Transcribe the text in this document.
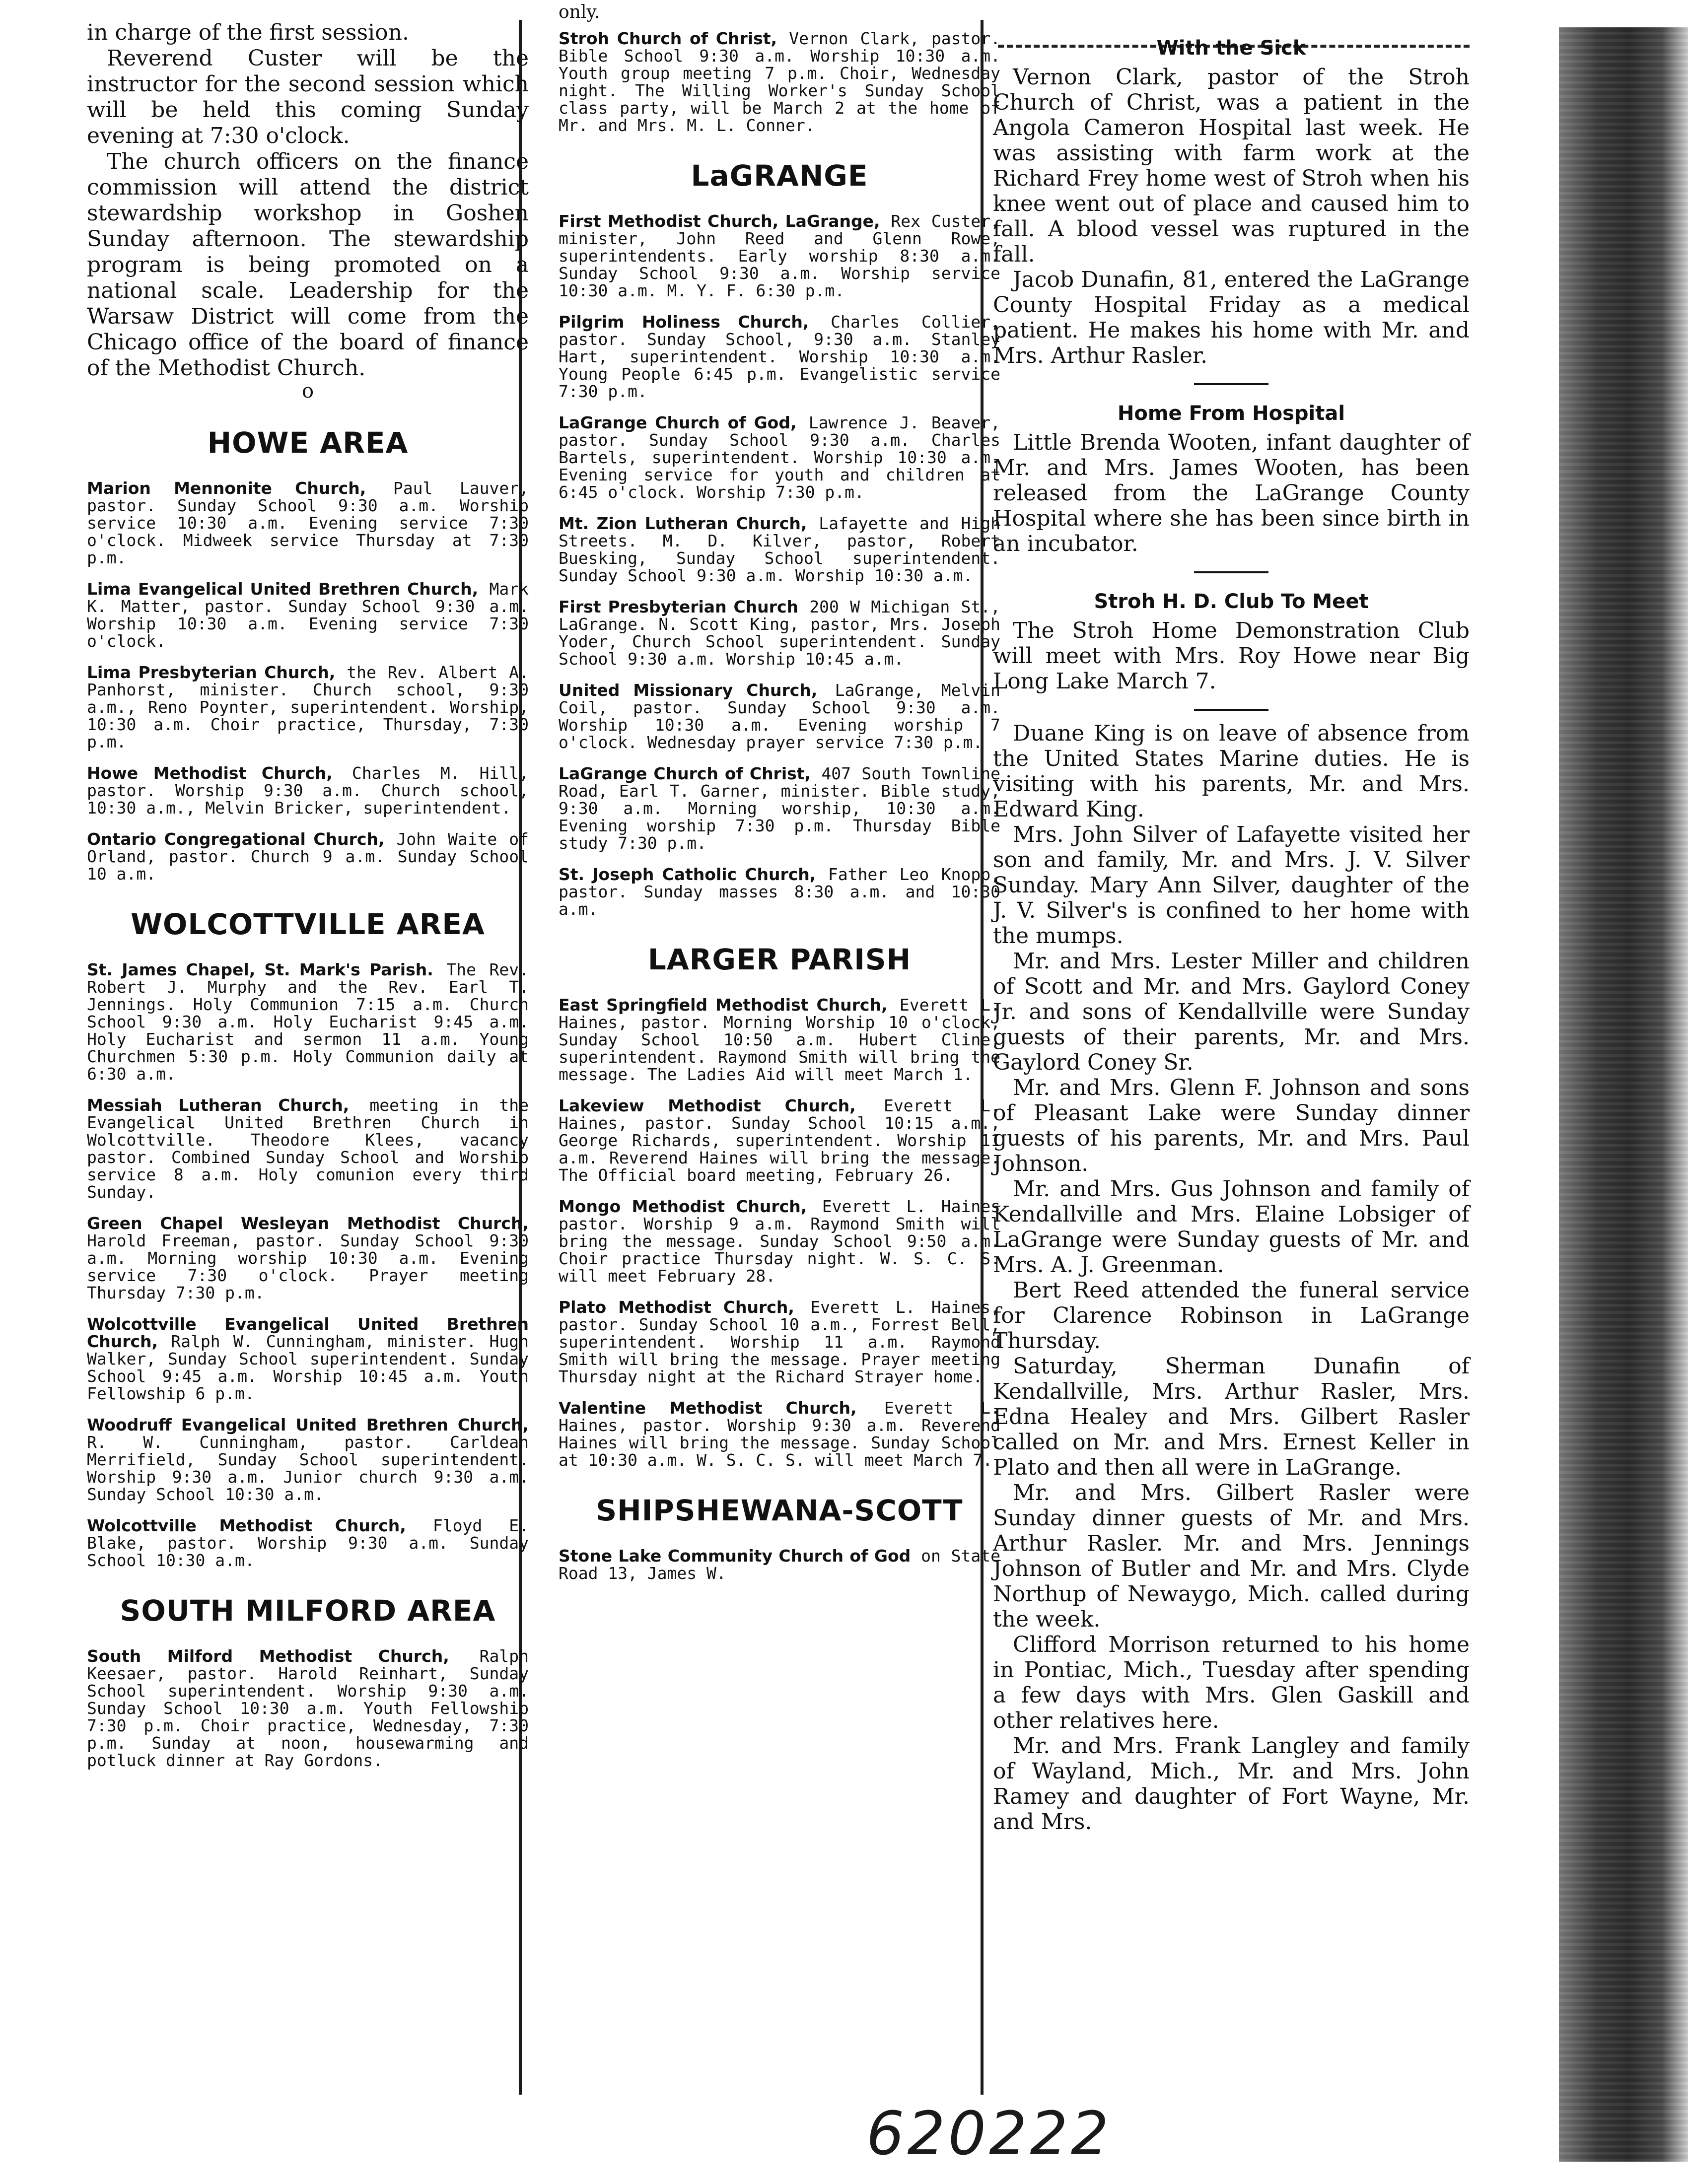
in charge of the first session.

Reverend Custer will be the instructor for the second session which will be held this coming Sunday evening at 7:30 o'clock.

The church officers on the finance commission will attend the district stewardship workshop in Goshen Sunday afternoon. The stewardship program is being promoted on a national scale. Leadership for the Warsaw District will come from the Chicago office of the board of finance of the Methodist Church.

o
HOWE AREA

Marion Mennonite Church, Paul Lauver, pastor. Sunday School 9:30 a.m. Worship service 10:30 a.m. Evening service 7:30 o'clock. Midweek service Thursday at 7:30 p.m.

Lima Evangelical United Brethren Church, Mark K. Matter, pastor. Sunday School 9:30 a.m. Worship 10:30 a.m. Evening service 7:30 o'clock.

Lima Presbyterian Church, the Rev. Albert A. Panhorst, minister. Church school, 9:30 a.m., Reno Poynter, superintendent. Worship, 10:30 a.m. Choir practice, Thursday, 7:30 p.m.

Howe Methodist Church, Charles M. Hill, pastor. Worship 9:30 a.m. Church school, 10:30 a.m., Melvin Bricker, superintendent.

Ontario Congregational Church, John Waite of Orland, pastor. Church 9 a.m. Sunday School 10 a.m.

WOLCOTTVILLE AREA

St. James Chapel, St. Mark's Parish. The Rev. Robert J. Murphy and the Rev. Earl T. Jennings. Holy Communion 7:15 a.m. Church School 9:30 a.m. Holy Eucharist 9:45 a.m. Holy Eucharist and sermon 11 a.m. Young Churchmen 5:30 p.m. Holy Communion daily at 6:30 a.m.

Messiah Lutheran Church, meeting in the Evangelical United Brethren Church in Wolcottville. Theodore Klees, vacancy pastor. Combined Sunday School and Worship service 8 a.m. Holy comunion every third Sunday.

Green Chapel Wesleyan Methodist Church, Harold Freeman, pastor. Sunday School 9:30 a.m. Morning worship 10:30 a.m. Evening service 7:30 o'clock. Prayer meeting Thursday 7:30 p.m.

Wolcottville Evangelical United Brethren Church, Ralph W. Cunningham, minister. Hugh Walker, Sunday School superintendent. Sunday School 9:45 a.m. Worship 10:45 a.m. Youth Fellowship 6 p.m.

Woodruff Evangelical United Brethren Church, R. W. Cunningham, pastor. Carldean Merrifield, Sunday School superintendent. Worship 9:30 a.m. Junior church 9:30 a.m. Sunday School 10:30 a.m.

Wolcottville Methodist Church, Floyd E. Blake, pastor. Worship 9:30 a.m. Sunday School 10:30 a.m.

SOUTH MILFORD AREA

South Milford Methodist Church, Ralph Keesaer, pastor. Harold Reinhart, Sunday School superintendent. Worship 9:30 a.m. Sunday School 10:30 a.m. Youth Fellowship 7:30 p.m. Choir practice, Wednesday, 7:30 p.m. Sunday at noon, housewarming and potluck dinner at Ray Gordons.

only.

Stroh Church of Christ, Vernon Clark, pastor. Bible School 9:30 a.m. Worship 10:30 a.m. Youth group meeting 7 p.m. Choir, Wednesday night. The Willing Worker's Sunday School class party, will be March 2 at the home of Mr. and Mrs. M. L. Conner.

LaGRANGE

First Methodist Church, LaGrange, Rex Custer, minister, John Reed and Glenn Rowe, superintendents. Early worship 8:30 a.m. Sunday School 9:30 a.m. Worship service 10:30 a.m. M. Y. F. 6:30 p.m.

Pilgrim Holiness Church, Charles Collier, pastor. Sunday School, 9:30 a.m. Stanley Hart, superintendent. Worship 10:30 a.m. Young People 6:45 p.m. Evangelistic service 7:30 p.m.

LaGrange Church of God, Lawrence J. Beaver, pastor. Sunday School 9:30 a.m. Charles Bartels, superintendent. Worship 10:30 a.m. Evening service for youth and children at 6:45 o'clock. Worship 7:30 p.m.

Mt. Zion Lutheran Church, Lafayette and High Streets. M. D. Kilver, pastor, Robert Buesking, Sunday School superintendent. Sunday School 9:30 a.m. Worship 10:30 a.m.

First Presbyterian Church 200 W Michigan St., LaGrange. N. Scott King, pastor, Mrs. Joseph Yoder, Church School superintendent. Sunday School 9:30 a.m. Worship 10:45 a.m.

United Missionary Church, LaGrange, Melvin Coil, pastor. Sunday School 9:30 a.m. Worship 10:30 a.m. Evening worship 7 o'clock. Wednesday prayer service 7:30 p.m.

LaGrange Church of Christ, 407 South Townline Road, Earl T. Garner, minister. Bible study, 9:30 a.m. Morning worship, 10:30 a.m. Evening worship 7:30 p.m. Thursday Bible study 7:30 p.m.

St. Joseph Catholic Church, Father Leo Knopp, pastor. Sunday masses 8:30 a.m. and 10:30 a.m.

LARGER PARISH

East Springfield Methodist Church, Everett L. Haines, pastor. Morning Worship 10 o'clock, Sunday School 10:50 a.m. Hubert Cline, superintendent. Raymond Smith will bring the message. The Ladies Aid will meet March 1.

Lakeview Methodist Church, Everett L. Haines, pastor. Sunday School 10:15 a.m., George Richards, superintendent. Worship 11 a.m. Reverend Haines will bring the message. The Official board meeting, February 26.

Mongo Methodist Church, Everett L. Haines pastor. Worship 9 a.m. Raymond Smith will bring the message. Sunday School 9:50 a.m. Choir practice Thursday night. W. S. C. S. will meet February 28.

Plato Methodist Church, Everett L. Haines, pastor. Sunday School 10 a.m., Forrest Bell, superintendent. Worship 11 a.m. Raymond Smith will bring the message. Prayer meeting Thursday night at the Richard Strayer home.

Valentine Methodist Church, Everett L. Haines, pastor. Worship 9:30 a.m. Reverend Haines will bring the message. Sunday School at 10:30 a.m. W. S. C. S. will meet March 7.

SHIPSHEWANA-SCOTT

Stone Lake Community Church of God on State Road 13, James W.

With the Sick

Vernon Clark, pastor of the Stroh Church of Christ, was a patient in the Angola Cameron Hospital last week. He was assisting with farm work at the Richard Frey home west of Stroh when his knee went out of place and caused him to fall. A blood vessel was ruptured in the fall.

Jacob Dunafin, 81, entered the LaGrange County Hospital Friday as a medical patient. He makes his home with Mr. and Mrs. Arthur Rasler.

Home From Hospital

Little Brenda Wooten, infant daughter of Mr. and Mrs. James Wooten, has been released from the LaGrange County Hospital where she has been since birth in an incubator.

Stroh H. D. Club To Meet

The Stroh Home Demonstration Club will meet with Mrs. Roy Howe near Big Long Lake March 7.

Duane King is on leave of absence from the United States Marine duties. He is visiting with his parents, Mr. and Mrs. Edward King.

Mrs. John Silver of Lafayette visited her son and family, Mr. and Mrs. J. V. Silver Sunday. Mary Ann Silver, daughter of the J. V. Silver's is confined to her home with the mumps.

Mr. and Mrs. Lester Miller and children of Scott and Mr. and Mrs. Gaylord Coney Jr. and sons of Kendallville were Sunday guests of their parents, Mr. and Mrs. Gaylord Coney Sr.

Mr. and Mrs. Glenn F. Johnson and sons of Pleasant Lake were Sunday dinner guests of his parents, Mr. and Mrs. Paul Johnson.

Mr. and Mrs. Gus Johnson and family of Kendallville and Mrs. Elaine Lobsiger of LaGrange were Sunday guests of Mr. and Mrs. A. J. Greenman.

Bert Reed attended the funeral service for Clarence Robinson in LaGrange Thursday.

Saturday, Sherman Dunafin of Kendallville, Mrs. Arthur Rasler, Mrs. Edna Healey and Mrs. Gilbert Rasler called on Mr. and Mrs. Ernest Keller in Plato and then all were in LaGrange.

Mr. and Mrs. Gilbert Rasler were Sunday dinner guests of Mr. and Mrs. Arthur Rasler. Mr. and Mrs. Jennings Johnson of Butler and Mr. and Mrs. Clyde Northup of Newaygo, Mich. called during the week.

Clifford Morrison returned to his home in Pontiac, Mich., Tuesday after spending a few days with Mrs. Glen Gaskill and other relatives here.

Mr. and Mrs. Frank Langley and family of Wayland, Mich., Mr. and Mrs. John Ramey and daughter of Fort Wayne, Mr. and Mrs.

620222
